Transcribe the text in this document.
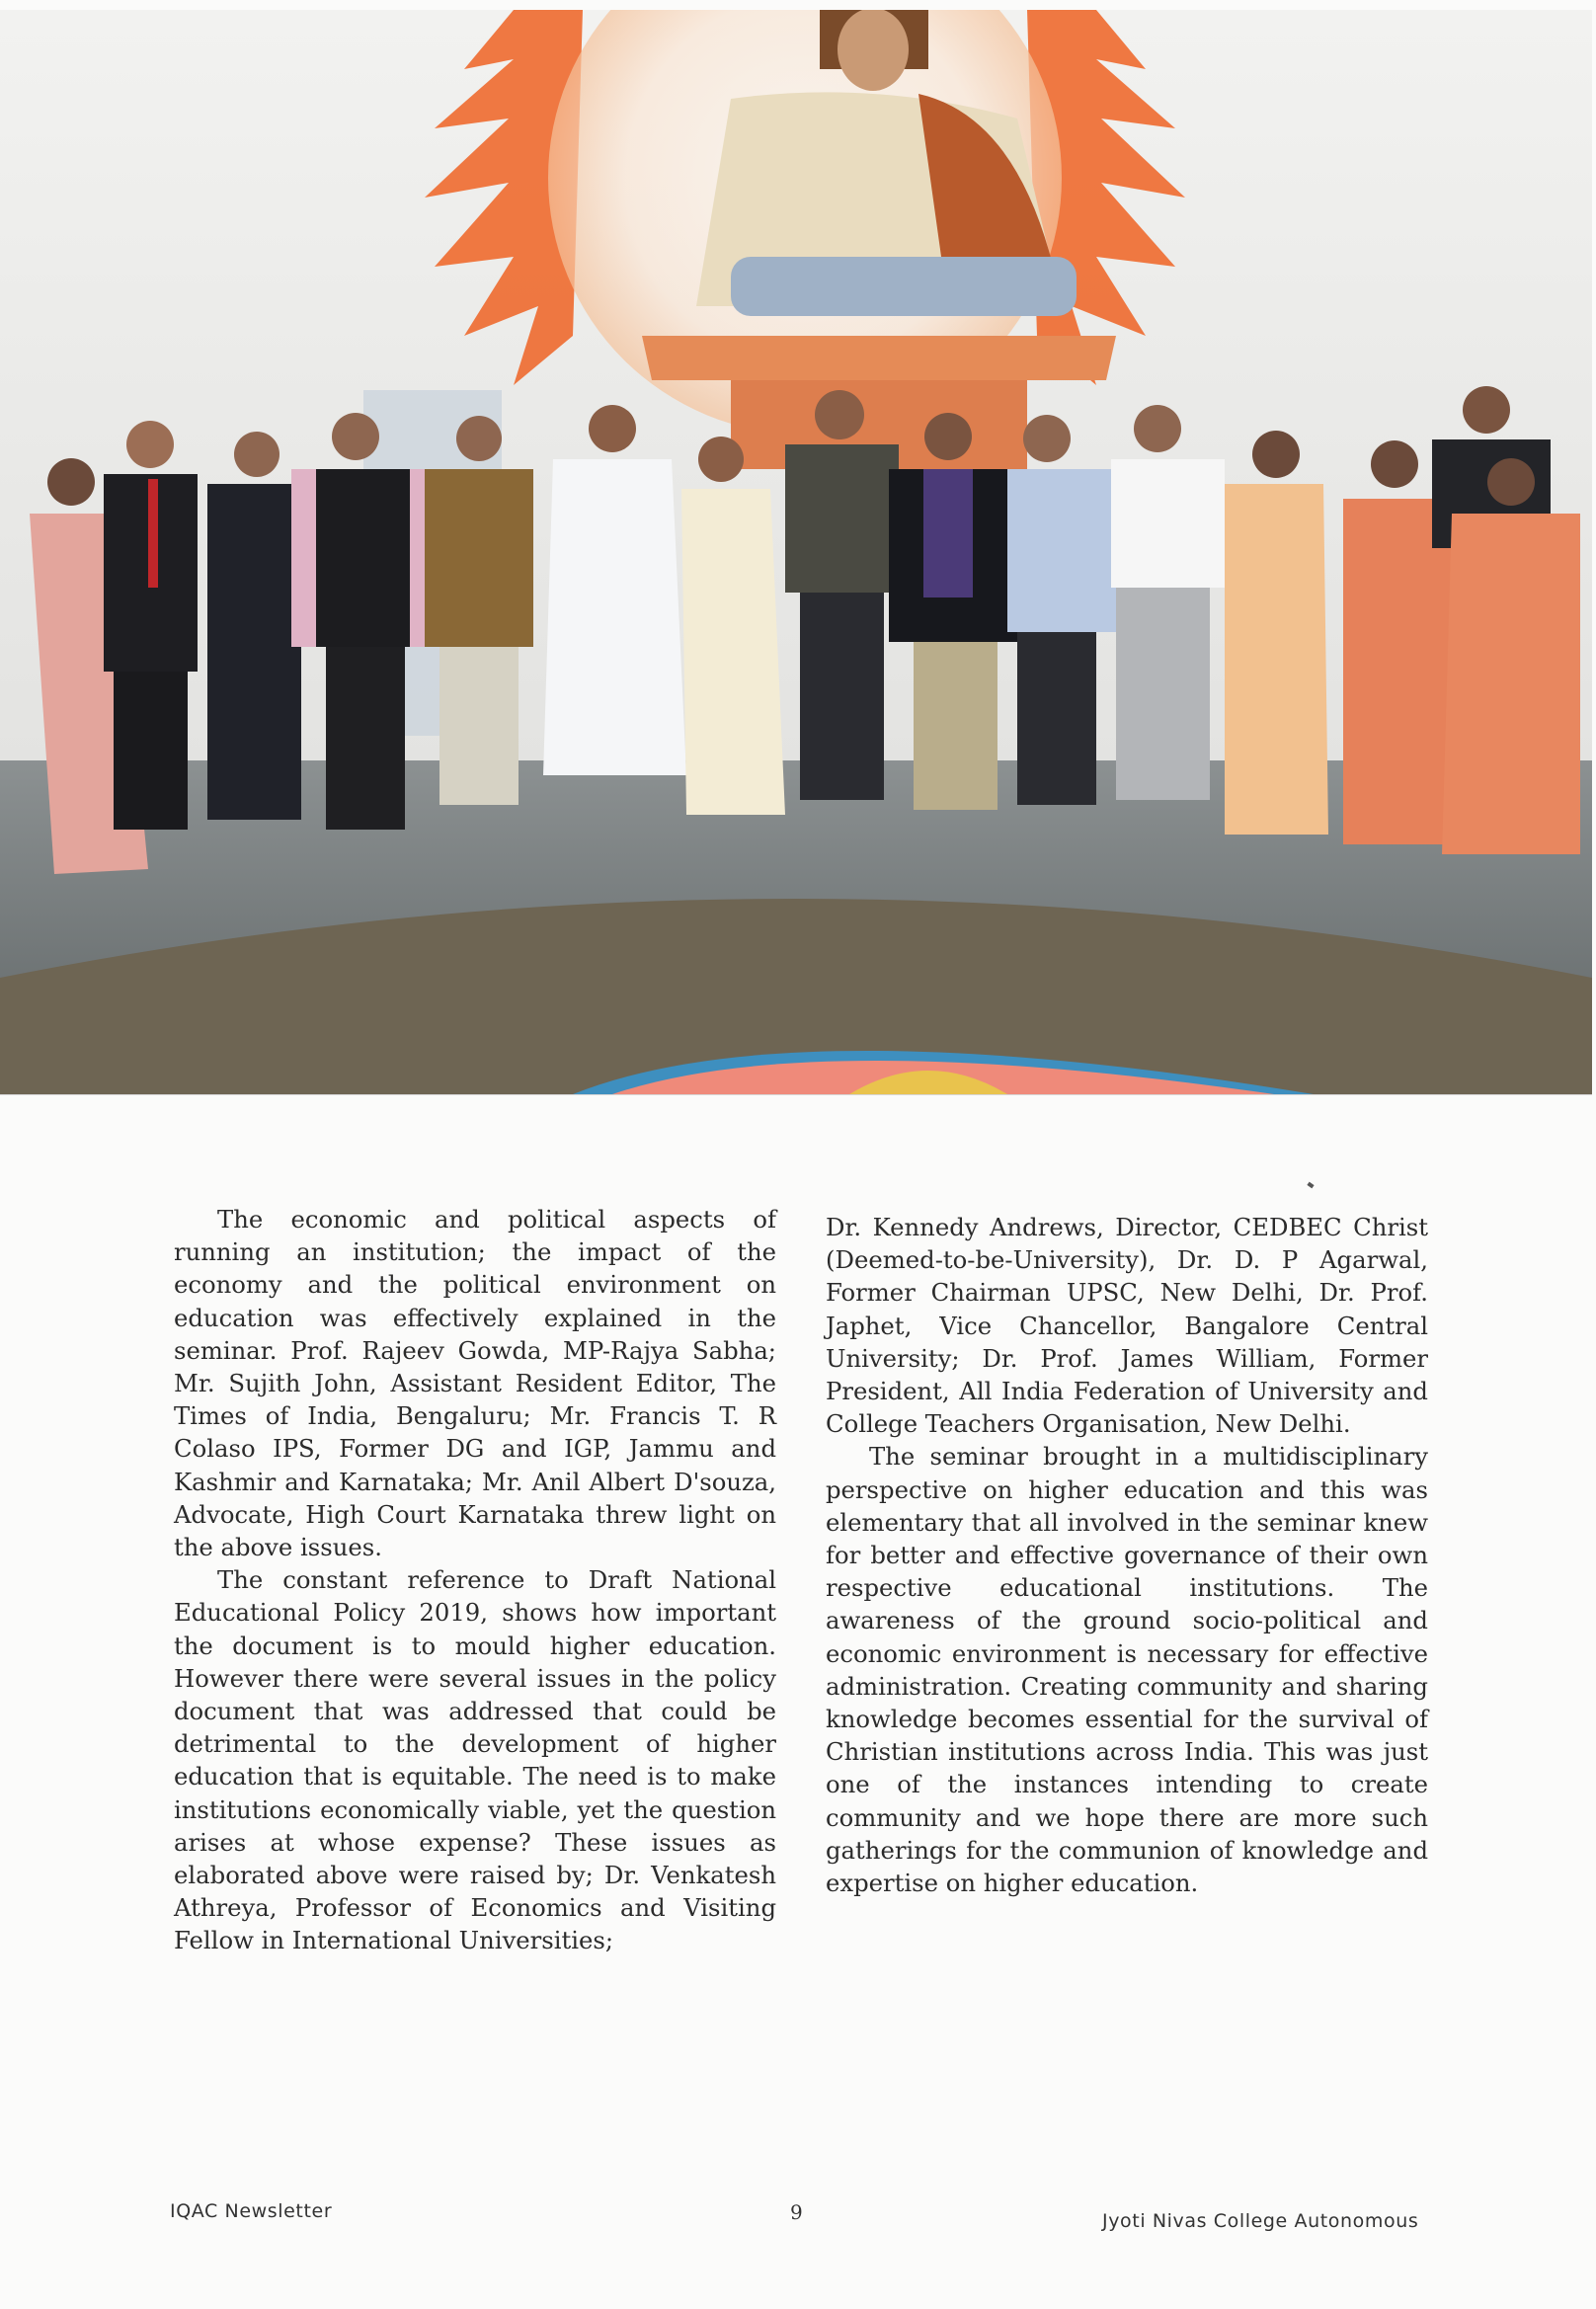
The economic and political aspects of running an institution; the impact of the economy and the political environment on education was effectively explained in the seminar. Prof. Rajeev Gowda, MP-Rajya Sabha; Mr. Sujith John, Assistant Resident Editor, The Times of India, Bengaluru; Mr. Francis T. R Colaso IPS, Former DG and IGP, Jammu and Kashmir and Karnataka; Mr. Anil Albert D'souza, Advocate, High Court Karnataka threw light on the above issues.

The constant reference to Draft National Educational Policy 2019, shows how important the document is to mould higher education. However there were several issues in the policy document that was addressed that could be detrimental to the development of higher education that is equitable. The need is to make institutions economically viable, yet the question arises at whose expense? These issues as elaborated above were raised by; Dr. Venkatesh Athreya, Professor of Economics and Visiting Fellow in International Universities;

Dr. Kennedy Andrews, Director, CEDBEC Christ (Deemed-to-be-University), Dr. D. P Agarwal, Former Chairman UPSC, New Delhi, Dr. Prof. Japhet, Vice Chancellor, Bangalore Central University; Dr. Prof. James William, Former President, All India Federation of University and College Teachers Organisation, New Delhi.

The seminar brought in a multidisciplinary perspective on higher education and this was elementary that all involved in the seminar knew for better and effective governance of their own respective educational institutions. The awareness of the ground socio-political and economic environment is necessary for effective administration. Creating community and sharing knowledge becomes essential for the survival of Christian institutions across India. This was just one of the instances intending to create community and we hope there are more such gatherings for the communion of knowledge and expertise on higher education.

IQAC Newsletter	9	Jyoti Nivas College Autonomous
